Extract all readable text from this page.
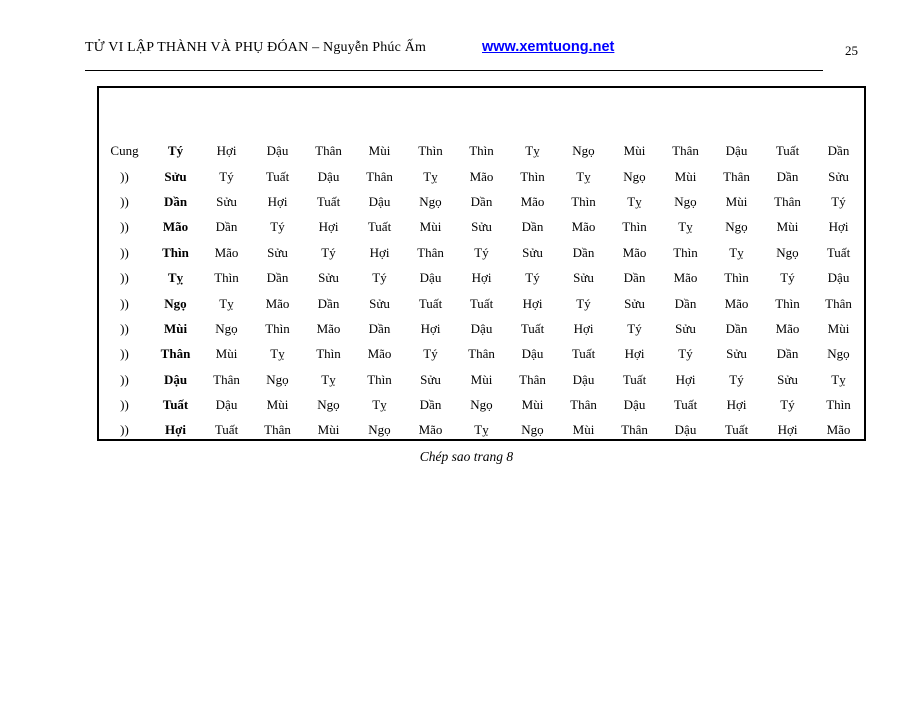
TỬ VI LẬP THÀNH VÀ PHỤ ĐÓAN – Nguyễn Phúc Ấm	www.xemtuong.net	25
Cung	Tý	Hợi	Dậu	Thân	Mùi	Thìn	Thìn	Tỵ	Ngọ	Mùi	Thân	Dậu	Tuất	Dần
))	Sửu	Tý	Tuất	Dậu	Thân	Tỵ	Mão	Thìn	Tỵ	Ngọ	Mùi	Thân	Dần	Sửu
))	Dần	Sửu	Hợi	Tuất	Dậu	Ngọ	Dần	Mão	Thìn	Tỵ	Ngọ	Mùi	Thân	Tý
))	Mão	Dần	Tý	Hợi	Tuất	Mùi	Sửu	Dần	Mão	Thìn	Tỵ	Ngọ	Mùi	Hợi
))	Thìn	Mão	Sửu	Tý	Hợi	Thân	Tý	Sửu	Dần	Mão	Thìn	Tỵ	Ngọ	Tuất
))	Tỵ	Thìn	Dần	Sửu	Tý	Dậu	Hợi	Tý	Sửu	Dần	Mão	Thìn	Tý	Dậu
))	Ngọ	Tỵ	Mão	Dần	Sửu	Tuất	Tuất	Hợi	Tý	Sửu	Dần	Mão	Thìn	Thân
))	Mùi	Ngọ	Thìn	Mão	Dần	Hợi	Dậu	Tuất	Hợi	Tý	Sửu	Dần	Mão	Mùi
))	Thân	Mùi	Tỵ	Thìn	Mão	Tý	Thân	Dậu	Tuất	Hợi	Tý	Sửu	Dần	Ngọ
))	Dậu	Thân	Ngọ	Tỵ	Thìn	Sửu	Mùi	Thân	Dậu	Tuất	Hợi	Tý	Sửu	Tỵ
))	Tuất	Dậu	Mùi	Ngọ	Tỵ	Dần	Ngọ	Mùi	Thân	Dậu	Tuất	Hợi	Tý	Thìn
))	Hợi	Tuất	Thân	Mùi	Ngọ	Mão	Tỵ	Ngọ	Mùi	Thân	Dậu	Tuất	Hợi	Mão
Chép sao trang 8
